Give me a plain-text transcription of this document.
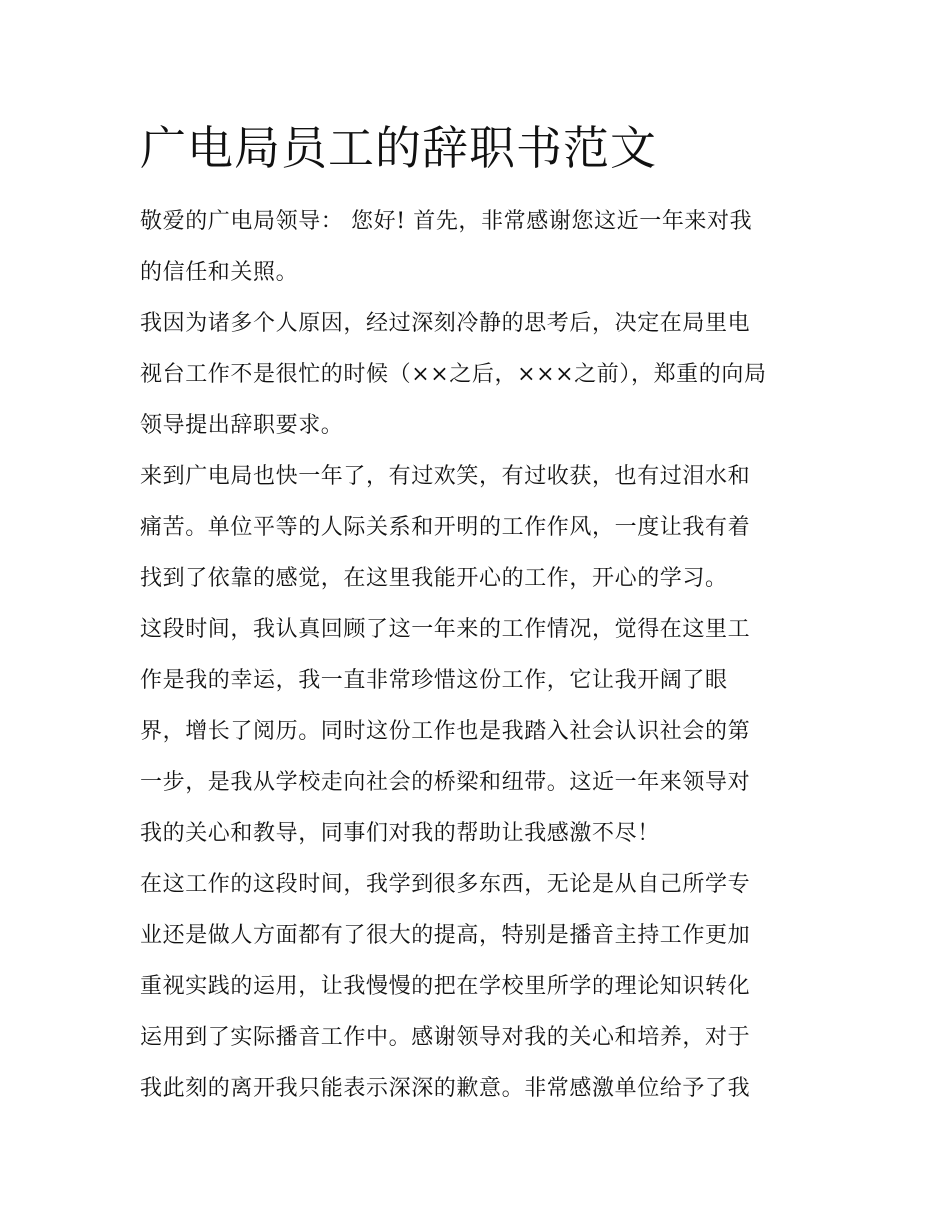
广电局员工的辞职书范文
敬爱的广电局领导： 您好! 首先，非常感谢您这近一年来对我
的信任和关照。
我因为诸多个人原因，经过深刻冷静的思考后，决定在局里电
视台工作不是很忙的时候（××之后，×××之前），郑重的向局
领导提出辞职要求。
来到广电局也快一年了，有过欢笑，有过收获，也有过泪水和
痛苦。单位平等的人际关系和开明的工作作风，一度让我有着
找到了依靠的感觉，在这里我能开心的工作，开心的学习。
这段时间，我认真回顾了这一年来的工作情况，觉得在这里工
作是我的幸运，我一直非常珍惜这份工作，它让我开阔了眼
界，增长了阅历。同时这份工作也是我踏入社会认识社会的第
一步，是我从学校走向社会的桥梁和纽带。这近一年来领导对
我的关心和教导，同事们对我的帮助让我感激不尽！
在这工作的这段时间，我学到很多东西，无论是从自己所学专
业还是做人方面都有了很大的提高，特别是播音主持工作更加
重视实践的运用，让我慢慢的把在学校里所学的理论知识转化
运用到了实际播音工作中。感谢领导对我的关心和培养，对于
我此刻的离开我只能表示深深的歉意。非常感激单位给予了我
